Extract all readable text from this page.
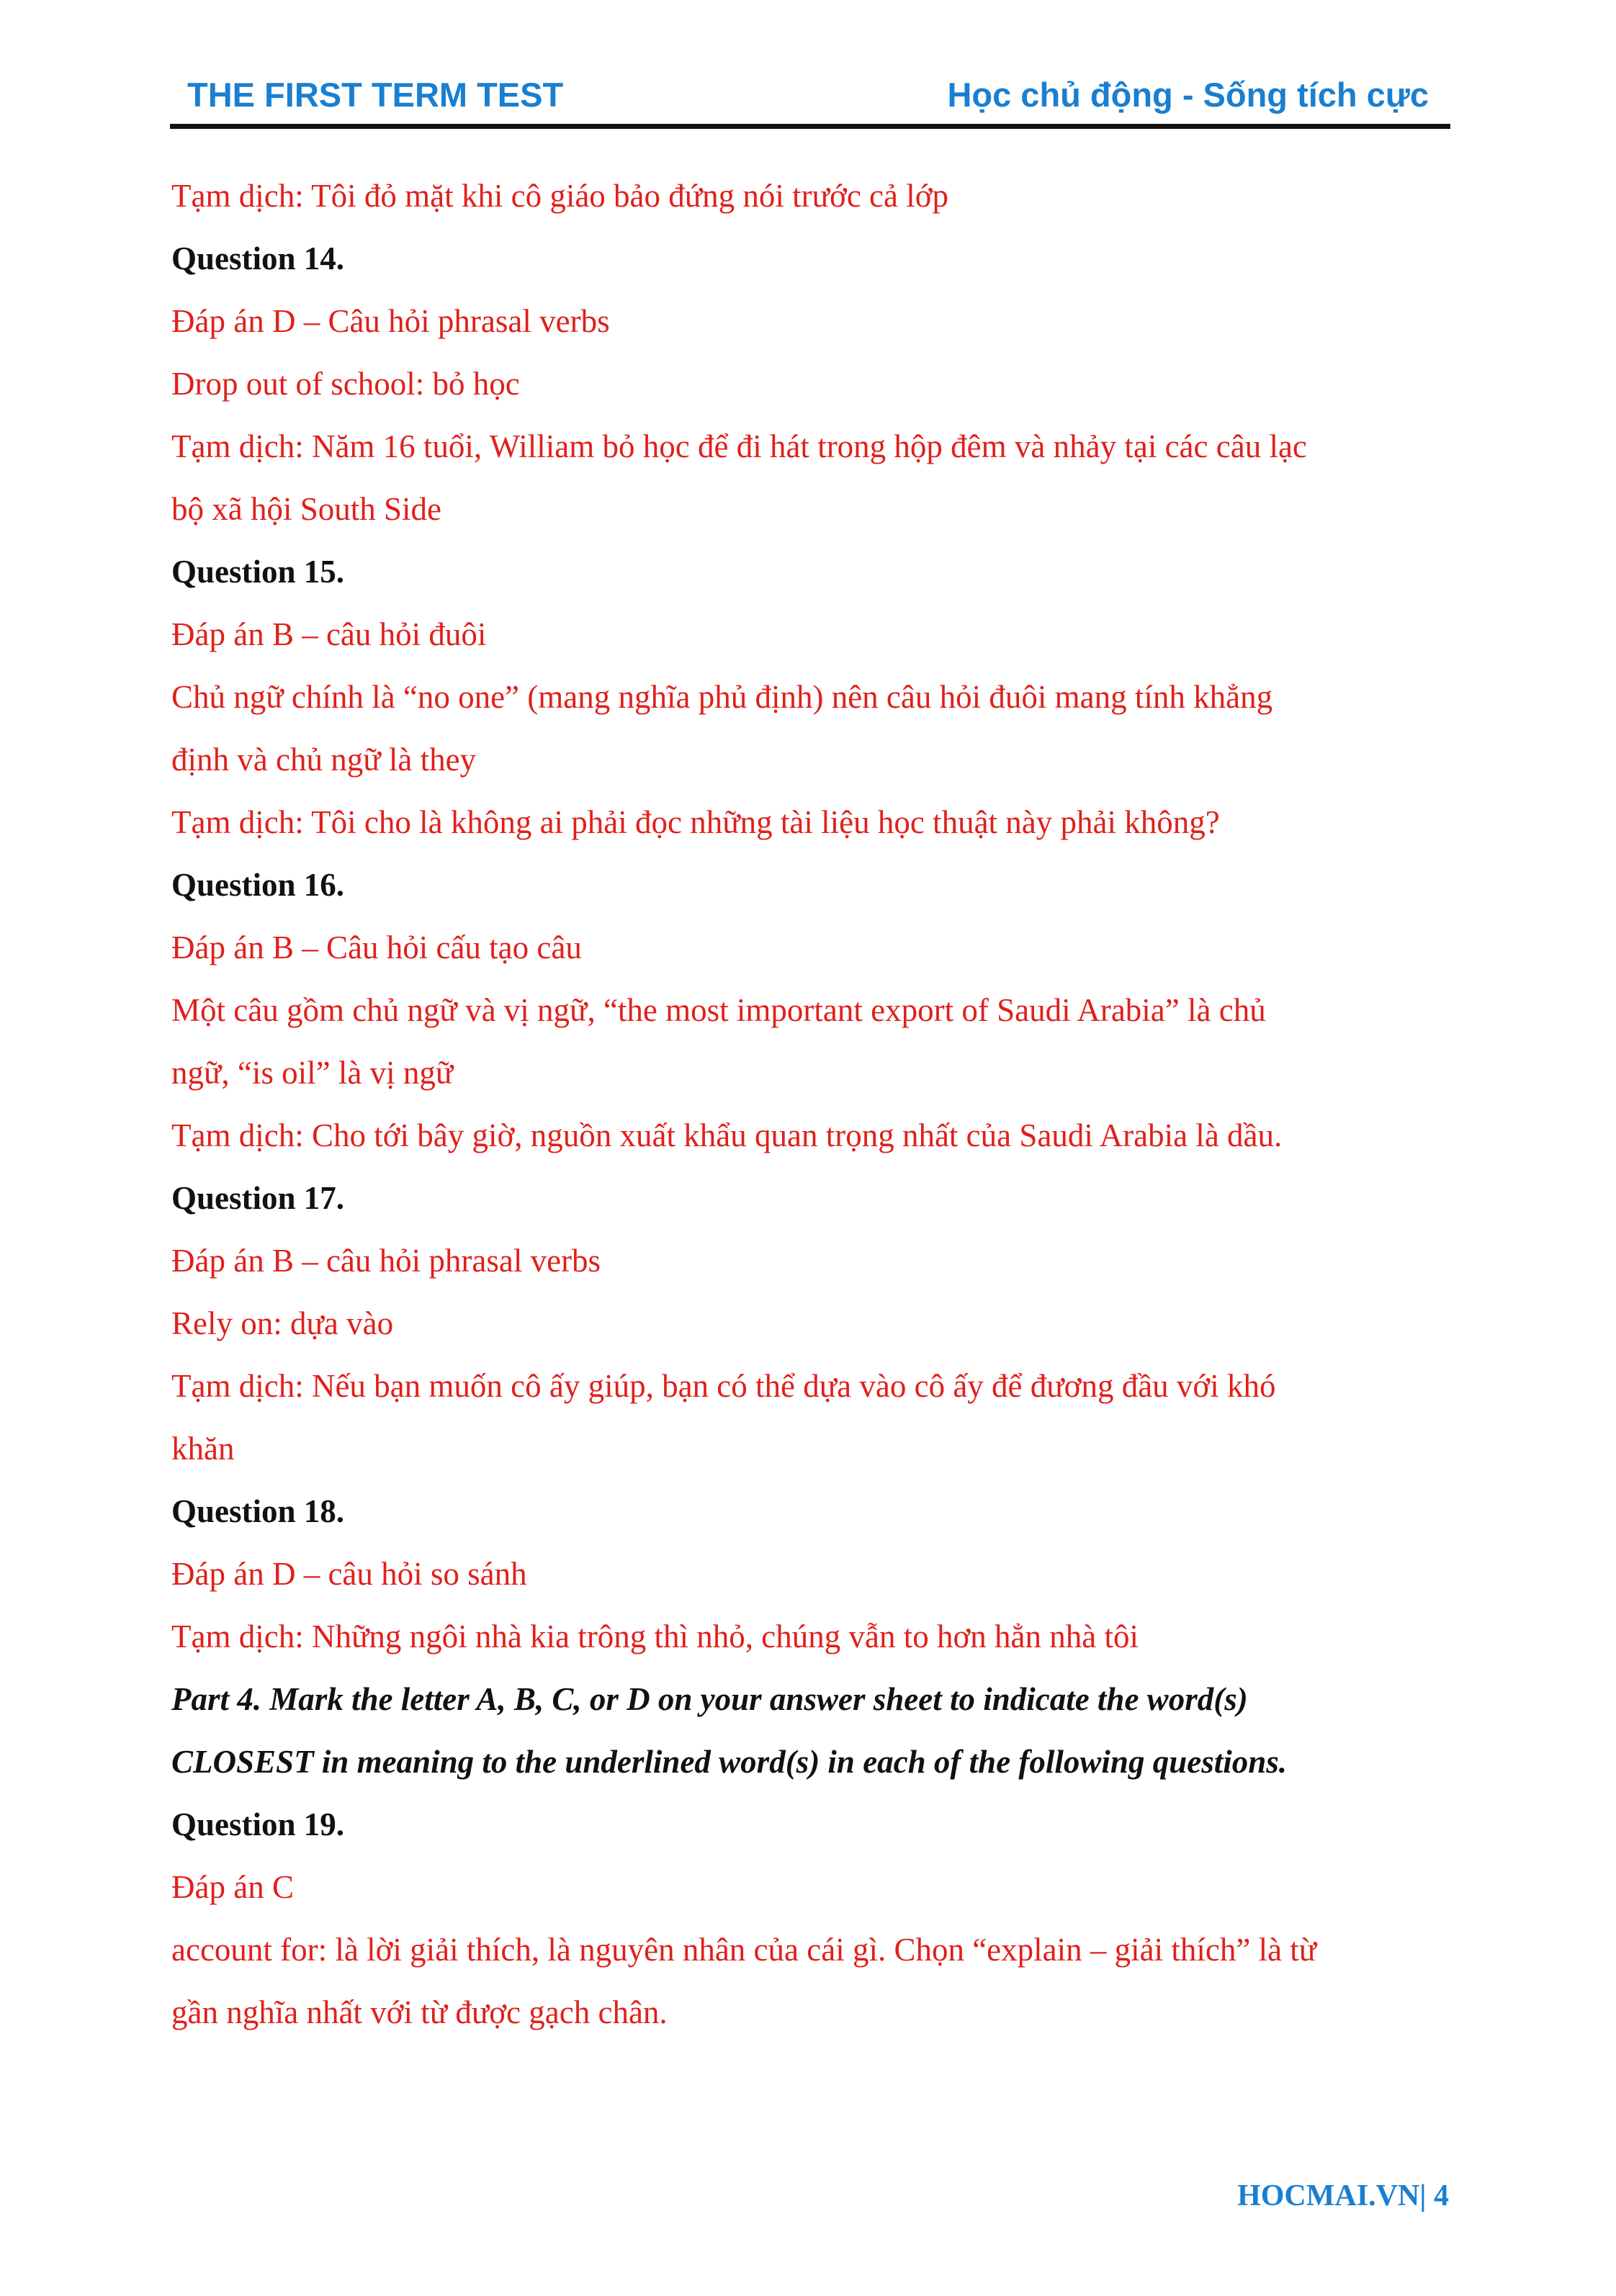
THE FIRST TERM TEST	Học chủ động - Sống tích cực
Tạm dịch: Tôi đỏ mặt khi cô giáo bảo đứng nói trước cả lớp
Question 14.
Đáp án D – Câu hỏi phrasal verbs
Drop out of school: bỏ học
Tạm dịch: Năm 16 tuổi, William bỏ học để đi hát trong hộp đêm và nhảy tại các câu lạc
bộ xã hội South Side
Question 15.
Đáp án B – câu hỏi đuôi
Chủ ngữ chính là “no one” (mang nghĩa phủ định) nên câu hỏi đuôi mang tính khẳng
định và chủ ngữ là they
Tạm dịch: Tôi cho là không ai phải đọc những tài liệu học thuật này phải không?
Question 16.
Đáp án B – Câu hỏi cấu tạo câu
Một câu gồm chủ ngữ và vị ngữ, “the most important export of Saudi Arabia” là chủ
ngữ, “is oil” là vị ngữ
Tạm dịch: Cho tới bây giờ, nguồn xuất khẩu quan trọng nhất của Saudi Arabia là dầu.
Question 17.
Đáp án B – câu hỏi phrasal verbs
Rely on: dựa vào
Tạm dịch: Nếu bạn muốn cô ấy giúp, bạn có thể dựa vào cô ấy để đương đầu với khó
khăn
Question 18.
Đáp án D – câu hỏi so sánh
Tạm dịch: Những ngôi nhà kia trông thì nhỏ, chúng vẫn to hơn hẳn nhà tôi
Part 4. Mark the letter A, B, C, or D on your answer sheet to indicate the word(s)
CLOSEST in meaning to the underlined word(s) in each of the following questions.
Question 19.
Đáp án C
account for: là lời giải thích, là nguyên nhân của cái gì. Chọn “explain – giải thích” là từ
gần nghĩa nhất với từ được gạch chân.
HOCMAI.VN| 4
